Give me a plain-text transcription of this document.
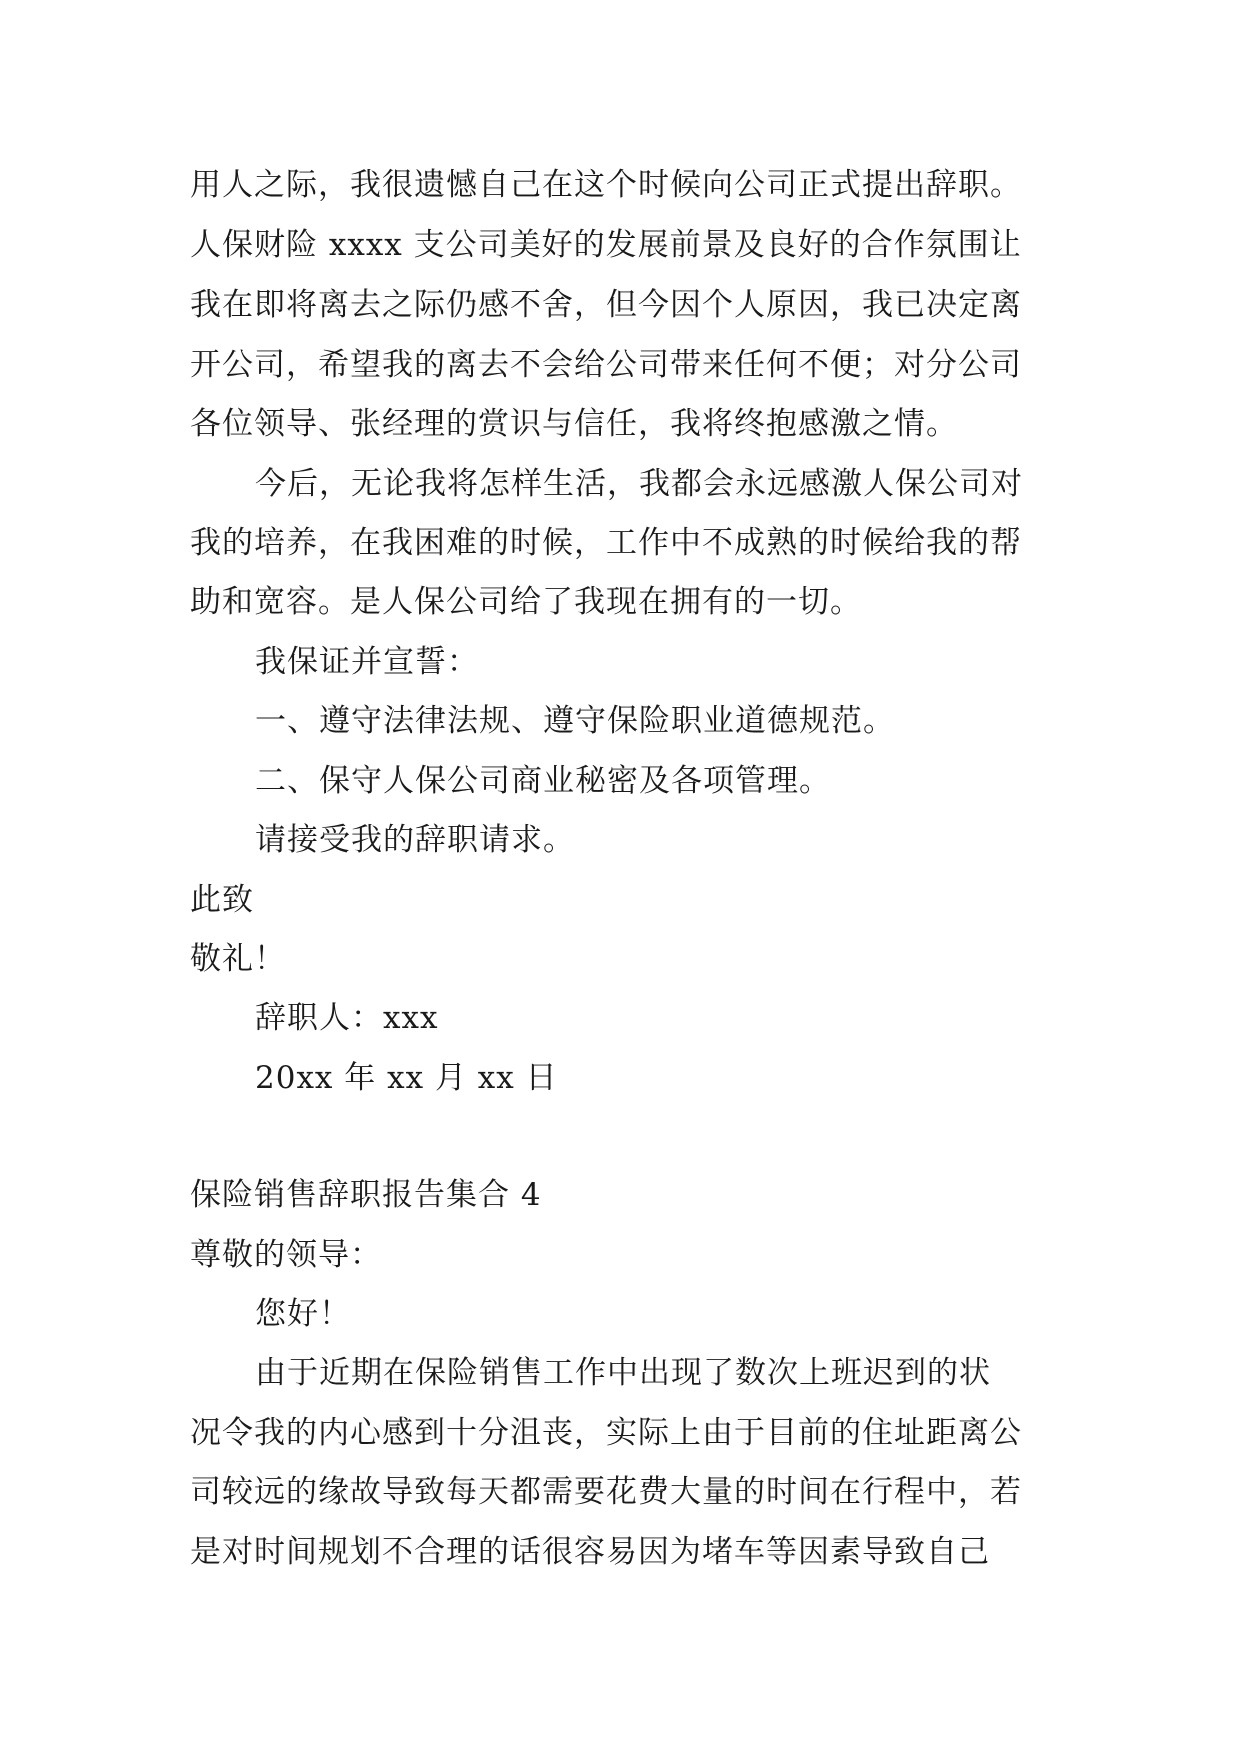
用人之际，我很遗憾自己在这个时候向公司正式提出辞职。
人保财险 xxxx 支公司美好的发展前景及良好的合作氛围让
我在即将离去之际仍感不舍，但今因个人原因，我已决定离
开公司，希望我的离去不会给公司带来任何不便；对分公司
各位领导、张经理的赏识与信任，我将终抱感激之情。
今后，无论我将怎样生活，我都会永远感激人保公司对
我的培养，在我困难的时候，工作中不成熟的时候给我的帮
助和宽容。是人保公司给了我现在拥有的一切。
我保证并宣誓：
一、遵守法律法规、遵守保险职业道德规范。
二、保守人保公司商业秘密及各项管理。
请接受我的辞职请求。
此致
敬礼！
辞职人：xxx
20xx 年 xx 月 xx 日
保险销售辞职报告集合 4
尊敬的领导：
您好！
由于近期在保险销售工作中出现了数次上班迟到的状
况令我的内心感到十分沮丧，实际上由于目前的住址距离公
司较远的缘故导致每天都需要花费大量的时间在行程中，若
是对时间规划不合理的话很容易因为堵车等因素导致自己
